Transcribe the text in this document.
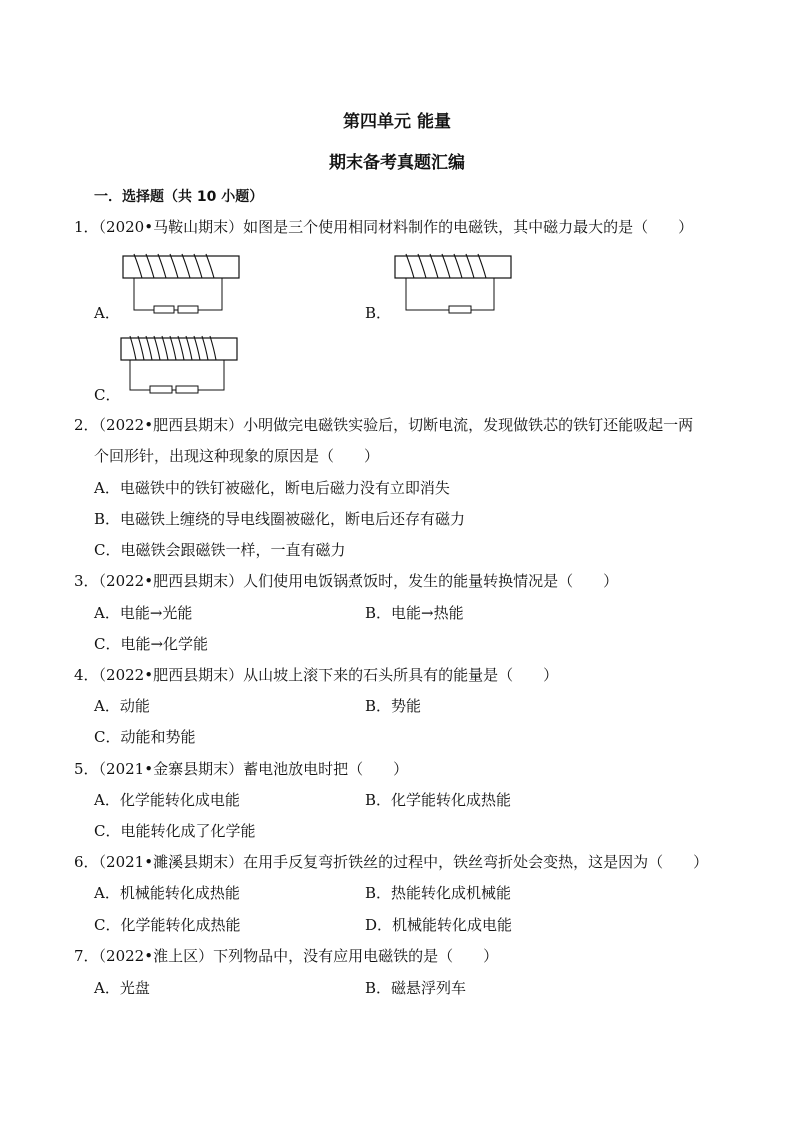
第四单元 能量
期末备考真题汇编
一．选择题（共 10 小题）
1．（2020•马鞍山期末）如图是三个使用相同材料制作的电磁铁，其中磁力最大的是（　　）
A．	B．
C．
2．（2022•肥西县期末）小明做完电磁铁实验后，切断电流，发现做铁芯的铁钉还能吸起一两
个回形针，出现这种现象的原因是（　　）
A．电磁铁中的铁钉被磁化，断电后磁力没有立即消失
B．电磁铁上缠绕的导电线圈被磁化，断电后还存有磁力
C．电磁铁会跟磁铁一样，一直有磁力
3．（2022•肥西县期末）人们使用电饭锅煮饭时，发生的能量转换情况是（　　）
A．电能→光能	B．电能→热能
C．电能→化学能
4．（2022•肥西县期末）从山坡上滚下来的石头所具有的能量是（　　）
A．动能	B．势能
C．动能和势能
5．（2021•金寨县期末）蓄电池放电时把（　　）
A．化学能转化成电能	B．化学能转化成热能
C．电能转化成了化学能
6．（2021•濉溪县期末）在用手反复弯折铁丝的过程中，铁丝弯折处会变热，这是因为（　　）
A．机械能转化成热能	B．热能转化成机械能
C．化学能转化成热能	D．机械能转化成电能
7．（2022•淮上区）下列物品中，没有应用电磁铁的是（　　）
A．光盘	B．磁悬浮列车
